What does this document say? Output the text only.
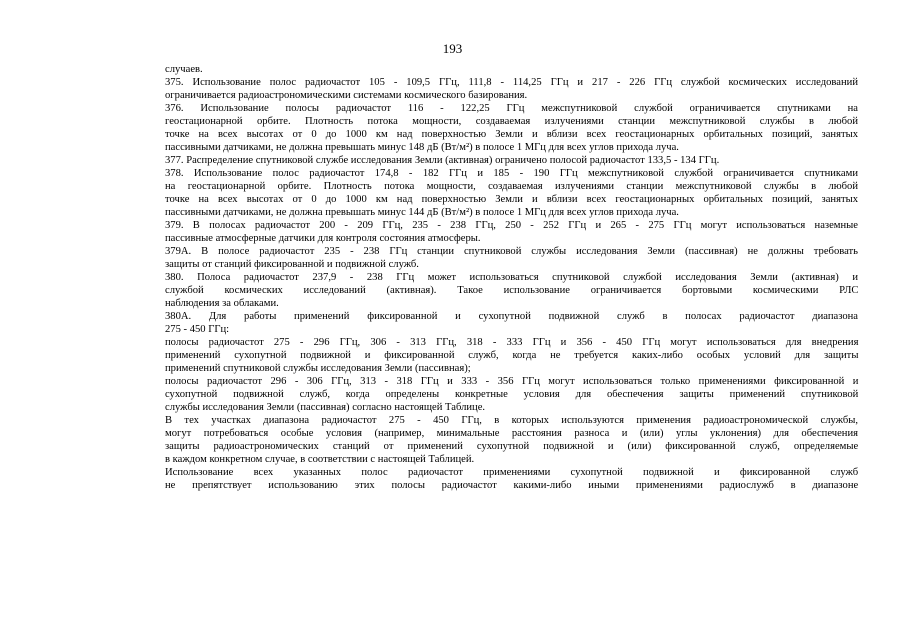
193
случаев.
375. Использование полос радиочастот 105 - 109,5 ГГц, 111,8 - 114,25 ГГц и 217 - 226 ГГц службой космических исследований
ограничивается радиоастрономическими системами космического базирования.
376. Использование полосы радиочастот 116 - 122,25 ГГц межспутниковой службой ограничивается спутниками на
геостационарной орбите. Плотность потока мощности, создаваемая излучениями станции межспутниковой службы в любой
точке на всех высотах от 0 до 1000 км над поверхностью Земли и вблизи всех геостационарных орбитальных позиций, занятых
пассивными датчиками, не должна превышать минус 148 дБ (Вт/м²) в полосе 1 МГц для всех углов прихода луча.
377. Распределение спутниковой службе исследования Земли (активная) ограничено полосой радиочастот 133,5 - 134 ГГц.
378. Использование полос радиочастот 174,8 - 182 ГГц и 185 - 190 ГГц межспутниковой службой ограничивается спутниками
на геостационарной орбите. Плотность потока мощности, создаваемая излучениями станции межспутниковой службы в любой
точке на всех высотах от 0 до 1000 км над поверхностью Земли и вблизи всех геостационарных орбитальных позиций, занятых
пассивными датчиками, не должна превышать минус 144 дБ (Вт/м²) в полосе 1 МГц для всех углов прихода луча.
379. В полосах радиочастот 200 - 209 ГГц, 235 - 238 ГГц, 250 - 252 ГГц и 265 - 275 ГГц могут использоваться наземные
пассивные атмосферные датчики для контроля состояния атмосферы.
379А. В полосе радиочастот 235 - 238 ГГц станции спутниковой службы исследования Земли (пассивная) не должны требовать
защиты от станций фиксированной и подвижной служб.
380. Полоса радиочастот 237,9 - 238 ГГц может использоваться спутниковой службой исследования Земли (активная) и
службой космических исследований (активная). Такое использование ограничивается бортовыми космическими РЛС
наблюдения за облаками.
380А. Для работы применений фиксированной и сухопутной подвижной служб в полосах радиочастот диапазона
275 - 450 ГГц:
полосы радиочастот 275 - 296 ГГц, 306 - 313 ГГц, 318 - 333 ГГц и 356 - 450 ГГц могут использоваться для внедрения
применений сухопутной подвижной и фиксированной служб, когда не требуется каких-либо особых условий для защиты
применений спутниковой службы исследования Земли (пассивная);
полосы радиочастот 296 - 306 ГГц, 313 - 318 ГГц и 333 - 356 ГГц могут использоваться только применениями фиксированной и
сухопутной подвижной служб, когда определены конкретные условия для обеспечения защиты применений спутниковой
службы исследования Земли (пассивная) согласно настоящей Таблице.
В тех участках диапазона радиочастот 275 - 450 ГГц, в которых используются применения радиоастрономической службы,
могут потребоваться особые условия (например, минимальные расстояния разноса и (или) углы уклонения) для обеспечения
защиты радиоастрономических станций от применений сухопутной подвижной и (или) фиксированной служб, определяемые
в каждом конкретном случае, в соответствии с настоящей Таблицей.
Использование всех указанных полос радиочастот применениями сухопутной подвижной и фиксированной служб
не препятствует использованию этих полосы радиочастот какими-либо иными применениями радиослужб в диапазоне
